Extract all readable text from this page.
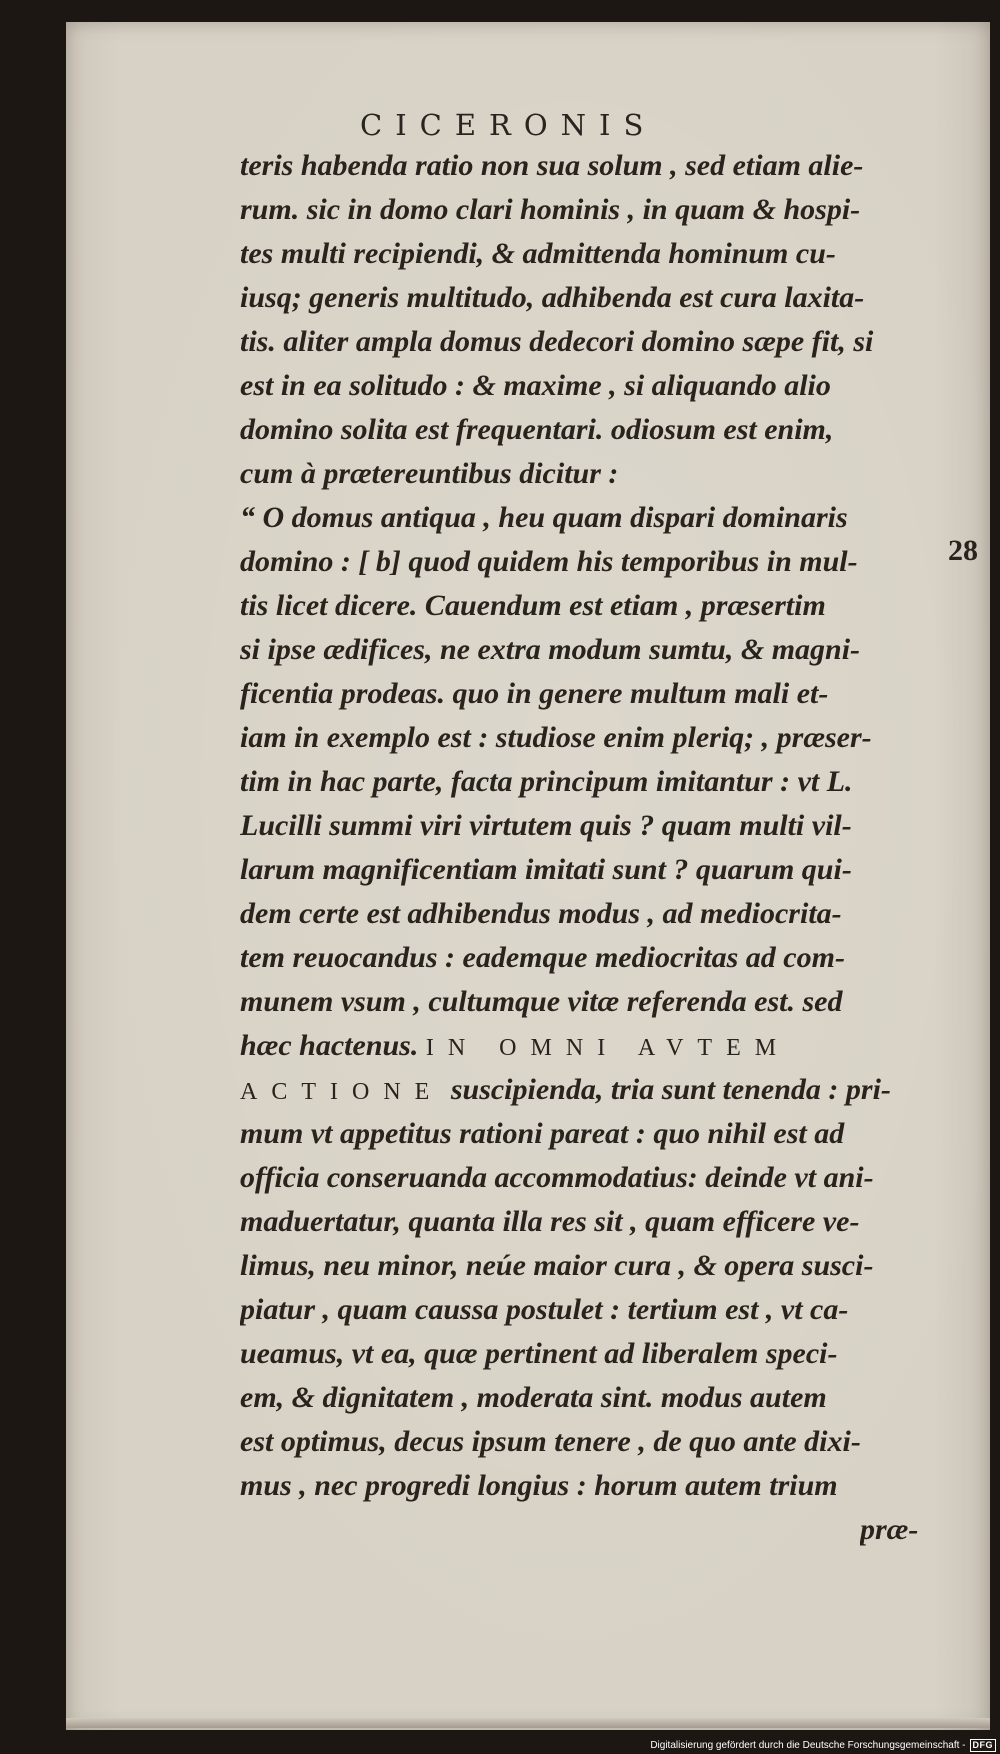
CICERONIS
28
teris habenda ratio non sua solum , sed etiam alie-
rum. sic in domo clari hominis , in quam & hospi-
tes multi recipiendi, & admittenda hominum cu-
iusq; generis multitudo, adhibenda est cura laxita-
tis. aliter ampla domus dedecori domino sæpe fit, si
est in ea solitudo : & maxime , si aliquando alio
domino solita est frequentari. odiosum est enim,
cum à prætereuntibus dicitur :
“ O domus antiqua , heu quam dispari dominaris
domino : [ b] quod quidem his temporibus in mul-
tis licet dicere. Cauendum est etiam , præsertim
si ipse ædifices, ne extra modum sumtu, & magni-
ficentia prodeas. quo in genere multum mali et-
iam in exemplo est : studiose enim pleriq; , præser-
tim in hac parte, facta principum imitantur : vt L.
Lucilli summi viri virtutem quis ? quam multi vil-
larum magnificentiam imitati sunt ? quarum qui-
dem certe est adhibendus modus , ad mediocrita-
tem reuocandus : eademque mediocritas ad com-
munem vsum , cultumque vitæ referenda est. sed
hæc hactenus. IN OMNI AVTEM
ACTIONE suscipienda, tria sunt tenenda : pri-
mum vt appetitus rationi pareat : quo nihil est ad
officia conseruanda accommodatius: deinde vt ani-
maduertatur, quanta illa res sit , quam efficere ve-
limus, neu minor, neúe maior cura , & opera susci-
piatur , quam caussa postulet : tertium est , vt ca-
ueamus, vt ea, quæ pertinent ad liberalem speci-
em, & dignitatem , moderata sint. modus autem
est optimus, decus ipsum tenere , de quo ante dixi-
mus , nec progredi longius : horum autem trium
præ-
Digitalisierung gefördert durch die Deutsche Forschungsgemeinschaft - DFG
